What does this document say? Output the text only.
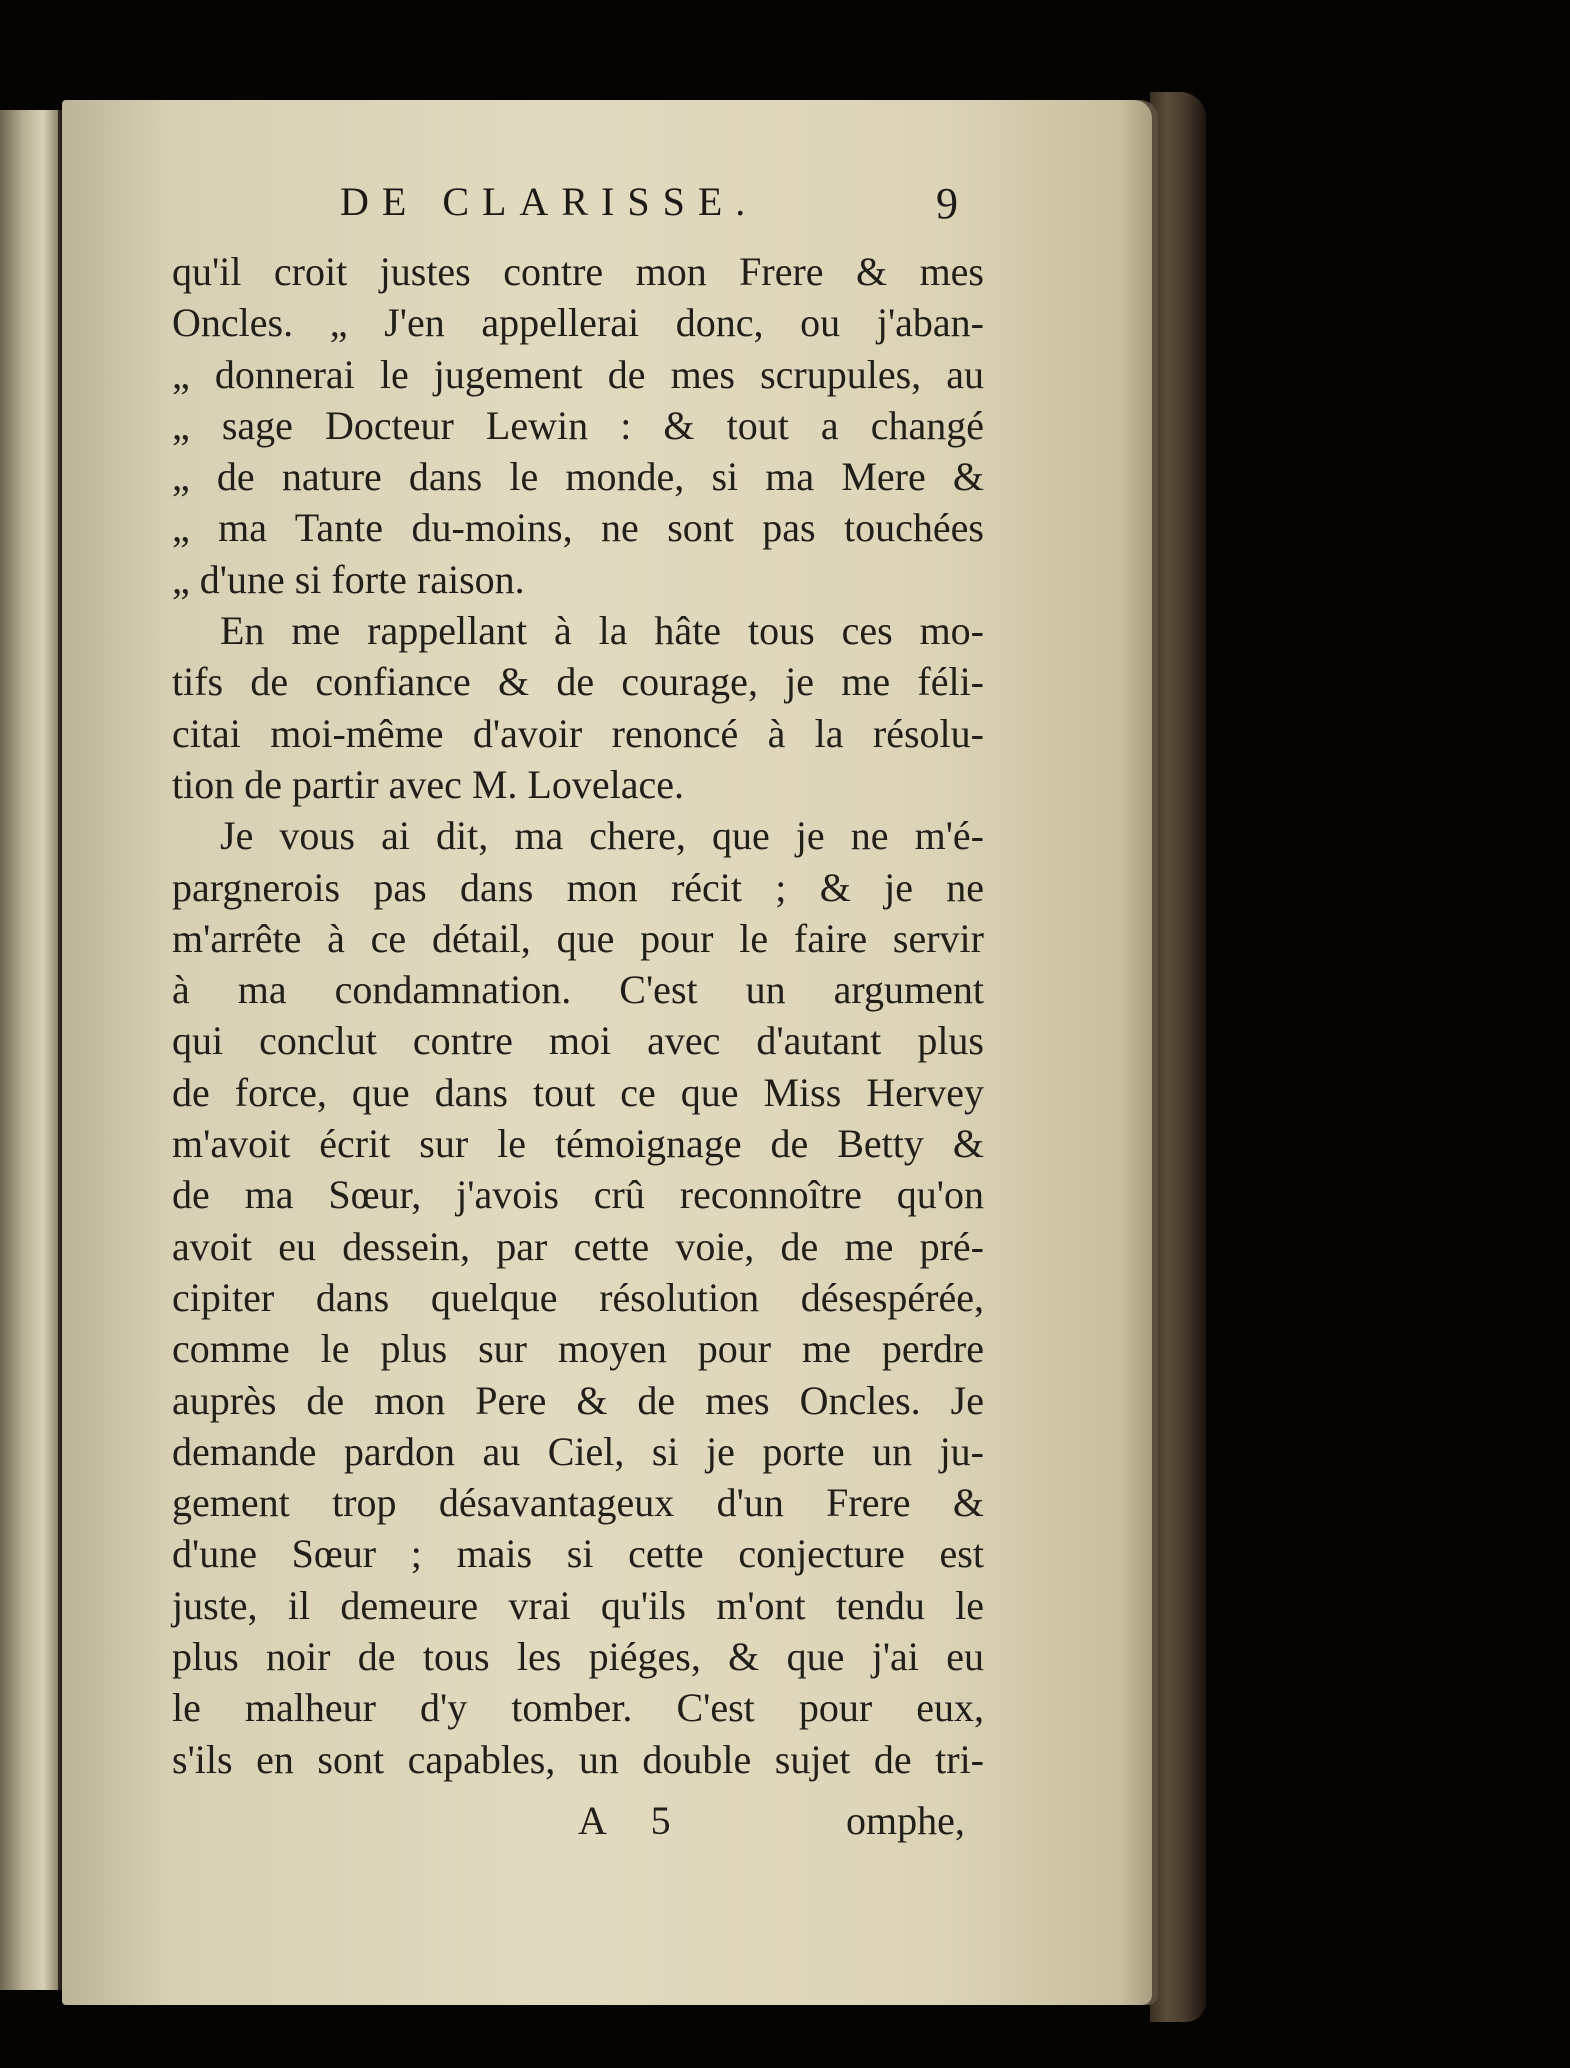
DE CLARISSE.	9
qu'il croit justes contre mon Frere & mes
Oncles. „ J'en appellerai donc, ou j'aban-
„ donnerai le jugement de mes scrupules, au
„ sage Docteur Lewin : & tout a changé
„ de nature dans le monde, si ma Mere &
„ ma Tante du-moins, ne sont pas touchées
„ d'une si forte raison.
En me rappellant à la hâte tous ces mo-
tifs de confiance & de courage, je me féli-
citai moi-même d'avoir renoncé à la résolu-
tion de partir avec M. Lovelace.
Je vous ai dit, ma chere, que je ne m'é-
pargnerois pas dans mon récit ; & je ne
m'arrête à ce détail, que pour le faire servir
à ma condamnation. C'est un argument
qui conclut contre moi avec d'autant plus
de force, que dans tout ce que Miss Hervey
m'avoit écrit sur le témoignage de Betty &
de ma Sœur, j'avois crû reconnoître qu'on
avoit eu dessein, par cette voie, de me pré-
cipiter dans quelque résolution désespérée,
comme le plus sur moyen pour me perdre
auprès de mon Pere & de mes Oncles. Je
demande pardon au Ciel, si je porte un ju-
gement trop désavantageux d'un Frere &
d'une Sœur ; mais si cette conjecture est
juste, il demeure vrai qu'ils m'ont tendu le
plus noir de tous les piéges, & que j'ai eu
le malheur d'y tomber. C'est pour eux,
s'ils en sont capables, un double sujet de tri-
A 5	omphe,
